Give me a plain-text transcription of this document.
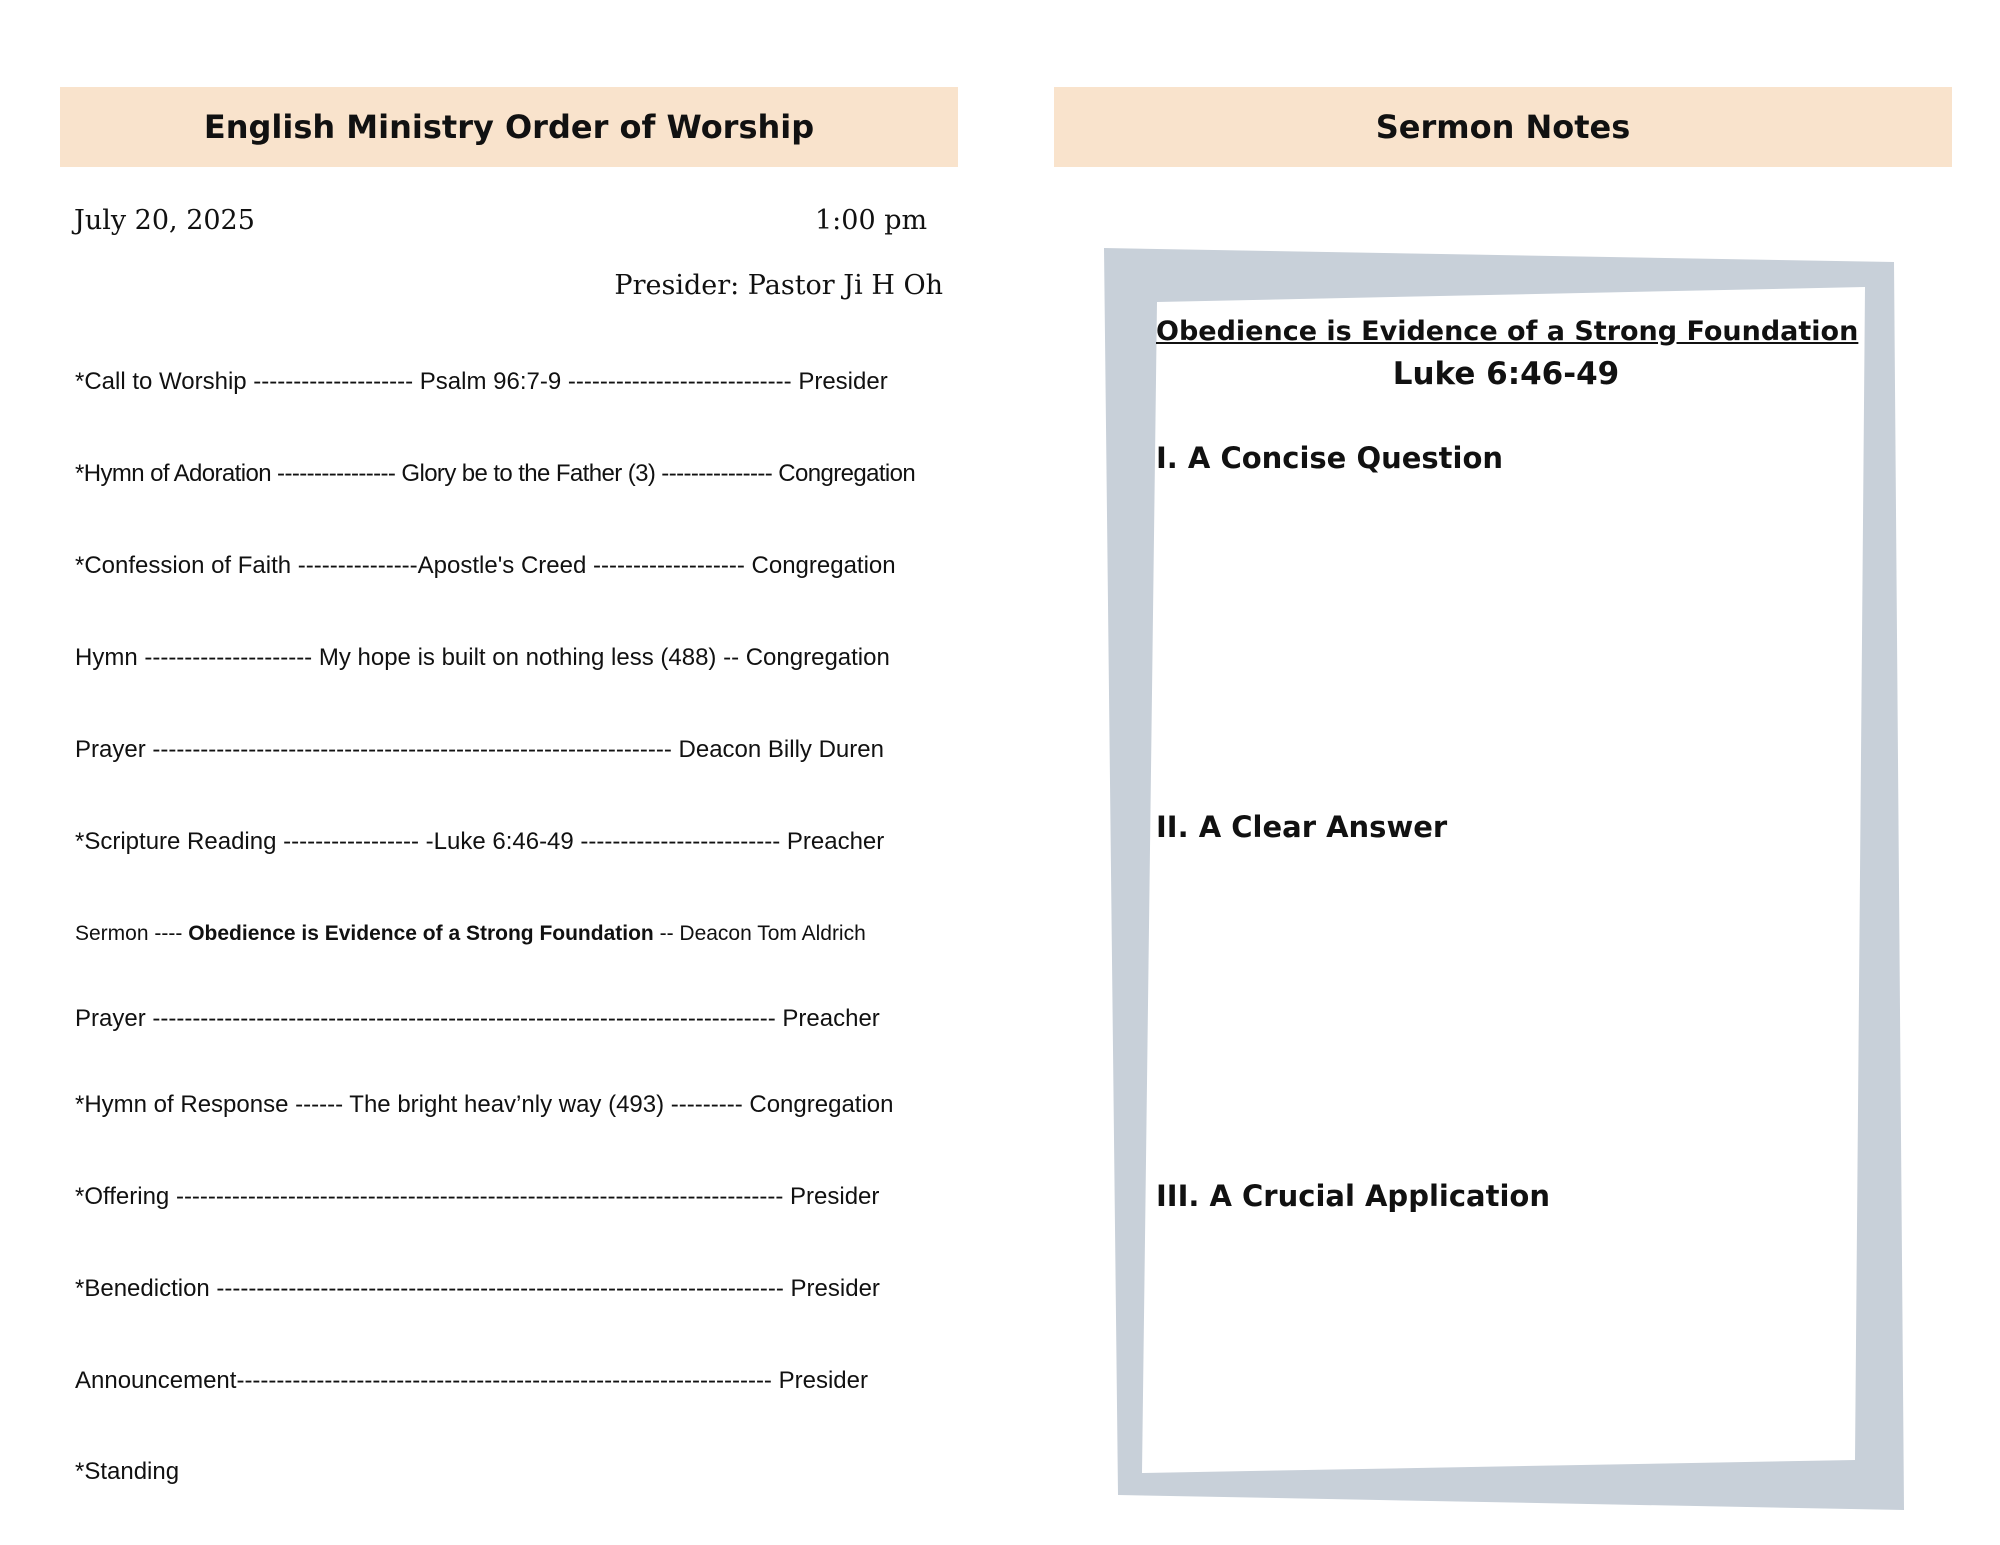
English Ministry Order of Worship
July 20, 2025	1:00 pm
Presider: Pastor Ji H Oh
*Call to Worship -------------------- Psalm 96:7-9 ---------------------------- Presider
*Hymn of Adoration ---------------- Glory be to the Father (3) --------------- Congregation
*Confession of Faith ---------------Apostle's Creed ------------------- Congregation
Hymn --------------------- My hope is built on nothing less (488) -- Congregation
Prayer ----------------------------------------------------------------- Deacon Billy Duren
*Scripture Reading ----------------- -Luke 6:46-49 ------------------------- Preacher
Sermon ---- Obedience is Evidence of a Strong Foundation -- Deacon Tom Aldrich
Prayer ------------------------------------------------------------------------------ Preacher
*Hymn of Response ------ The bright heav’nly way (493) --------- Congregation
*Offering ---------------------------------------------------------------------------- Presider
*Benediction ----------------------------------------------------------------------- Presider
Announcement------------------------------------------------------------------- Presider
*Standing
Sermon Notes
Obedience is Evidence of a Strong Foundation
Luke 6:46-49
I. A Concise Question
II. A Clear Answer
III. A Crucial Application
